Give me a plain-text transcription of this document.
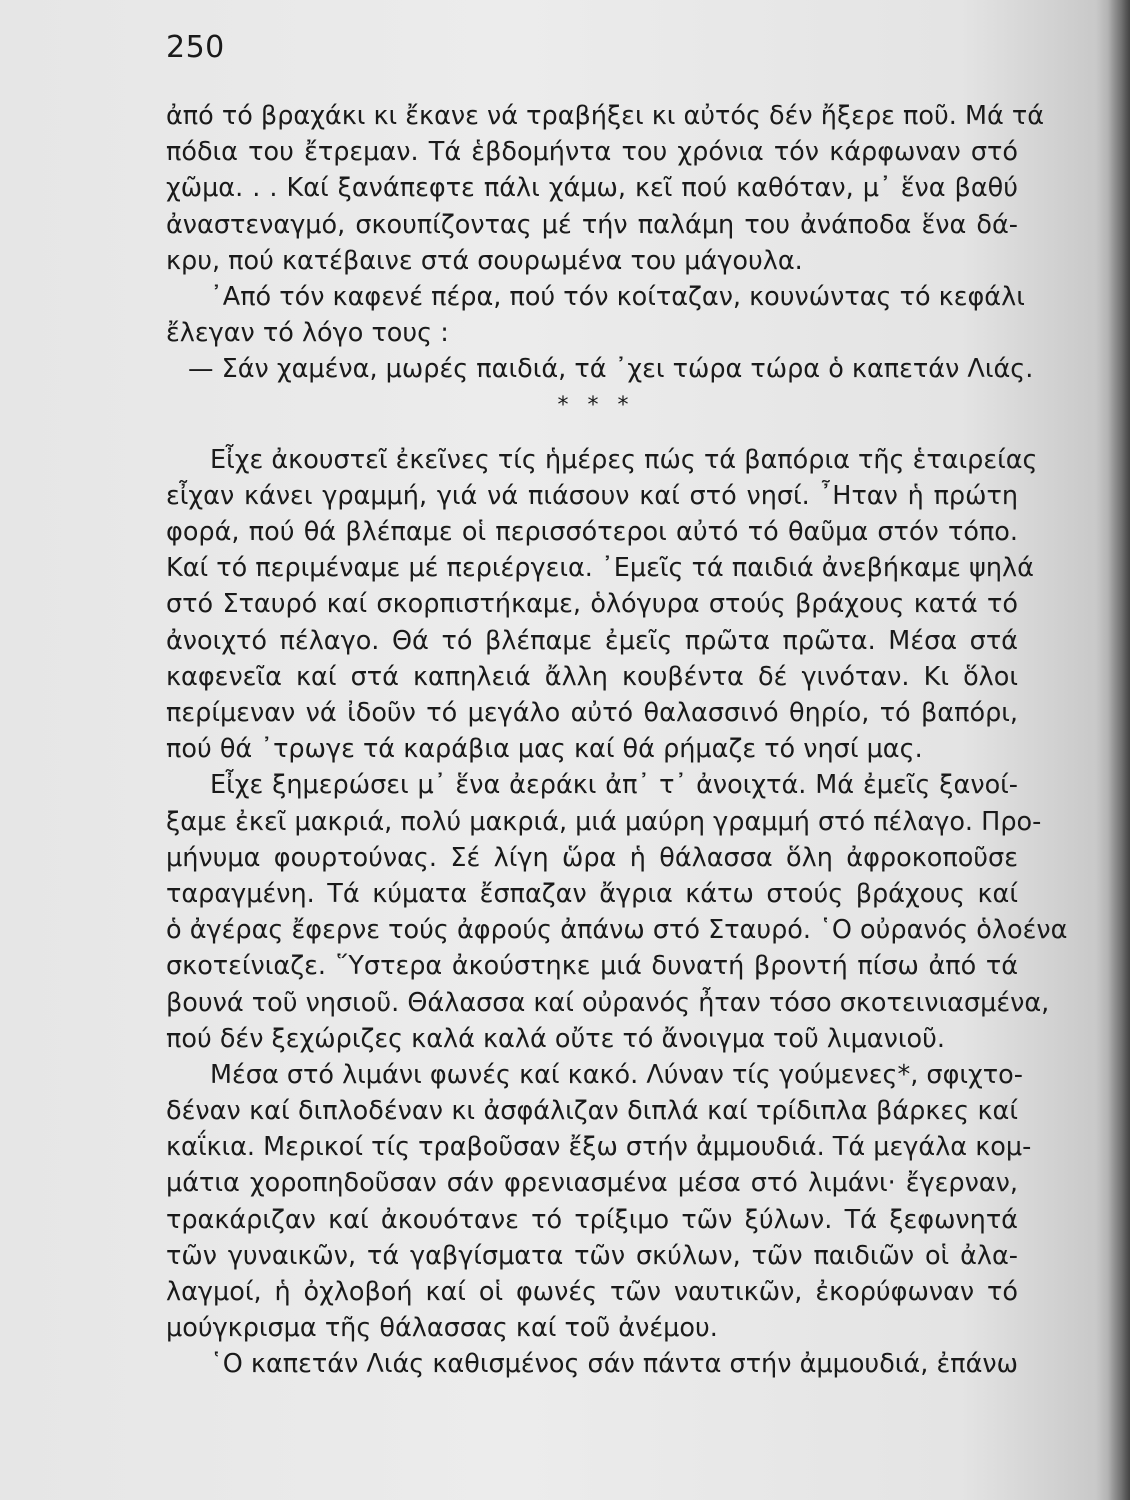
250
ἀπό τό βραχάκι κι ἔκανε νά τραβήξει κι αὐτός δέν ἤξερε ποῦ. Μά τά
πόδια του ἔτρεμαν. Τά ἑβδομήντα του χρόνια τόν κάρφωναν στό
χῶμα. . . Καί ξανάπεφτε πάλι χάμω, κεῖ πού καθόταν, μ᾽ ἕνα βαθύ
ἀναστεναγμό, σκουπίζοντας μέ τήν παλάμη του ἀνάποδα ἕνα δά-
κρυ, πού κατέβαινε στά σουρωμένα του μάγουλα.
᾽Από τόν καφενέ πέρα, πού τόν κοίταζαν, κουνώντας τό κεφάλι
ἔλεγαν τό λόγο τους :
— Σάν χαμένα, μωρές παιδιά, τά ᾽χει τώρα τώρα ὁ καπετάν Λιάς.
* * *
Εἶχε ἀκουστεῖ ἐκεῖνες τίς ἡμέρες πώς τά βαπόρια τῆς ἑταιρείας
εἶχαν κάνει γραμμή, γιά νά πιάσουν καί στό νησί. ῏Ηταν ἡ πρώτη
φορά, πού θά βλέπαμε οἱ περισσότεροι αὐτό τό θαῦμα στόν τόπο.
Καί τό περιμέναμε μέ περιέργεια. ᾽Εμεῖς τά παιδιά ἀνεβήκαμε ψηλά
στό Σταυρό καί σκορπιστήκαμε, ὁλόγυρα στούς βράχους κατά τό
ἀνοιχτό πέλαγο. Θά τό βλέπαμε ἐμεῖς πρῶτα πρῶτα. Μέσα στά
καφενεῖα καί στά καπηλειά ἄλλη κουβέντα δέ γινόταν. Κι ὅλοι
περίμεναν νά ἰδοῦν τό μεγάλο αὐτό θαλασσινό θηρίο, τό βαπόρι,
πού θά ᾽τρωγε τά καράβια μας καί θά ρήμαζε τό νησί μας.
Εἶχε ξημερώσει μ᾽ ἕνα ἀεράκι ἀπ᾽ τ᾽ ἀνοιχτά. Μά ἐμεῖς ξανοί-
ξαμε ἐκεῖ μακριά, πολύ μακριά, μιά μαύρη γραμμή στό πέλαγο. Προ-
μήνυμα φουρτούνας. Σέ λίγη ὥρα ἡ θάλασσα ὅλη ἀφροκοποῦσε
ταραγμένη. Τά κύματα ἔσπαζαν ἄγρια κάτω στούς βράχους καί
ὁ ἀγέρας ἔφερνε τούς ἀφρούς ἀπάνω στό Σταυρό. ῾Ο οὐρανός ὁλοένα
σκοτείνιαζε. ῞Υστερα ἀκούστηκε μιά δυνατή βροντή πίσω ἀπό τά
βουνά τοῦ νησιοῦ. Θάλασσα καί οὐρανός ἦταν τόσο σκοτεινιασμένα,
πού δέν ξεχώριζες καλά καλά οὔτε τό ἄνοιγμα τοῦ λιμανιοῦ.
Μέσα στό λιμάνι φωνές καί κακό. Λύναν τίς γούμενες*, σφιχτο-
δέναν καί διπλοδέναν κι ἀσφάλιζαν διπλά καί τρίδιπλα βάρκες καί
καΐκια. Μερικοί τίς τραβοῦσαν ἔξω στήν ἀμμουδιά. Τά μεγάλα κομ-
μάτια χοροπηδοῦσαν σάν φρενιασμένα μέσα στό λιμάνι· ἔγερναν,
τρακάριζαν καί ἀκουότανε τό τρίξιμο τῶν ξύλων. Τά ξεφωνητά
τῶν γυναικῶν, τά γαβγίσματα τῶν σκύλων, τῶν παιδιῶν οἱ ἀλα-
λαγμοί, ἡ ὀχλοβοή καί οἱ φωνές τῶν ναυτικῶν, ἐκορύφωναν τό
μούγκρισμα τῆς θάλασσας καί τοῦ ἀνέμου.
῾Ο καπετάν Λιάς καθισμένος σάν πάντα στήν ἀμμουδιά, ἐπάνω
